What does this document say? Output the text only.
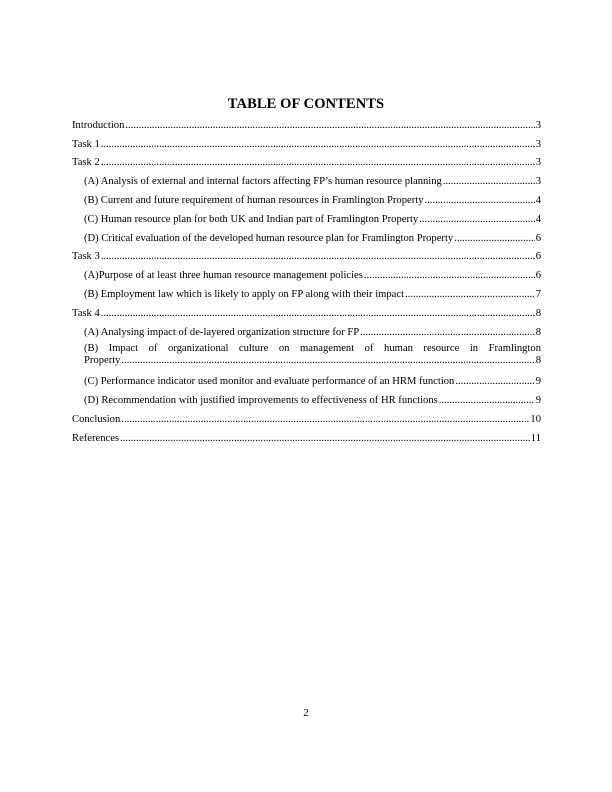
TABLE OF CONTENTS
Introduction .....	3
Task 1 .....	3
Task 2 .....	3
(A) Analysis of external and internal factors affecting FP’s human resource planning .....	3
(B) Current and future requirement of human resources in Framlington Property .....	4
(C) Human resource plan for both UK and Indian part of Framlington Property .....	4
(D) Critical evaluation of the developed human resource plan for Framlington Property .....	6
Task 3 .....	6
(A)Purpose of at least three human resource management policies .....	6
(B) Employment law which is likely to apply on FP along with their impact .....	7
Task 4 .....	8
(A) Analysing impact of de-layered organization structure for FP .....	8
(B) Impact of organizational culture on management of human resource in Framlington
Property .....	8
(C) Performance indicator used monitor and evaluate performance of an HRM function .....	9
(D) Recommendation with justified improvements to effectiveness of HR functions .....	9
Conclusion .....	10
References .....	11
2
